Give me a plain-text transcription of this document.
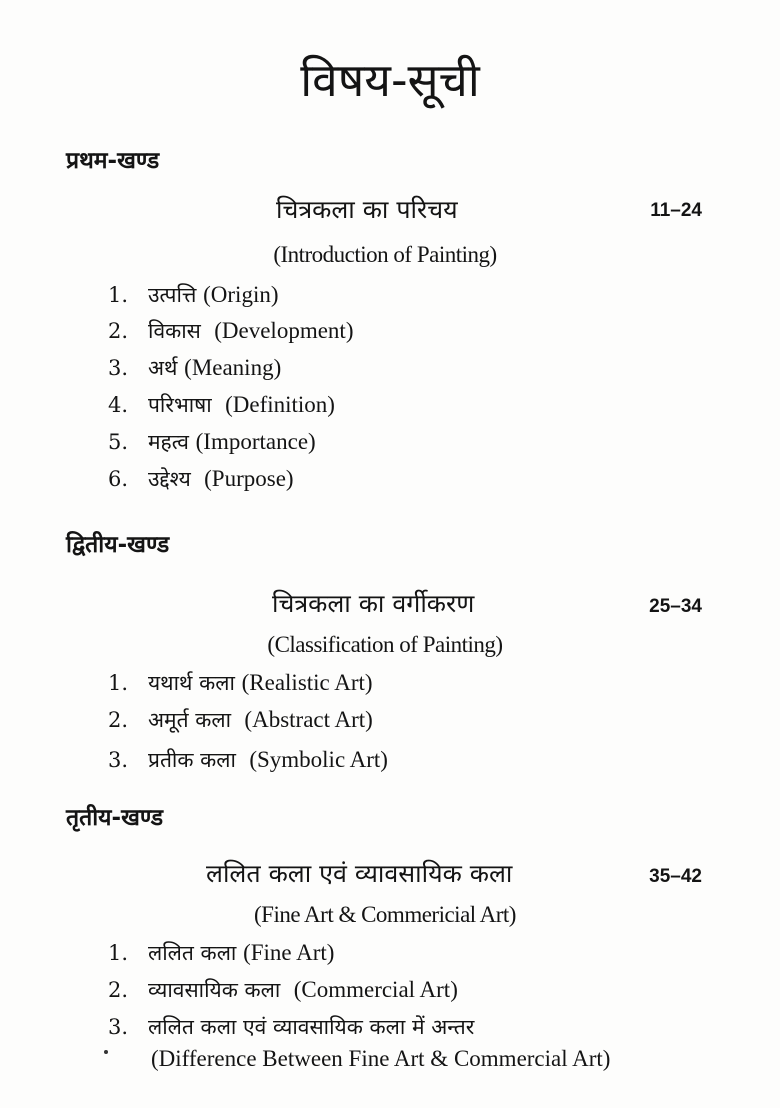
विषय-सूची
प्रथम-खण्ड
चित्रकला का परिचय	11–24
(Introduction of Painting)
1. उत्पत्ति (Origin)
2. विकास (Development)
3. अर्थ (Meaning)
4. परिभाषा (Definition)
5. महत्व (Importance)
6. उद्देश्य (Purpose)
द्वितीय-खण्ड
चित्रकला का वर्गीकरण	25–34
(Classification of Painting)
1. यथार्थ कला (Realistic Art)
2. अमूर्त कला (Abstract Art)
3. प्रतीक कला (Symbolic Art)
तृतीय-खण्ड
ललित कला एवं व्यावसायिक कला	35–42
(Fine Art & Commericial Art)
1. ललित कला (Fine Art)
2. व्यावसायिक कला (Commercial Art)
3. ललित कला एवं व्यावसायिक कला में अन्तर
(Difference Between Fine Art & Commercial Art)
